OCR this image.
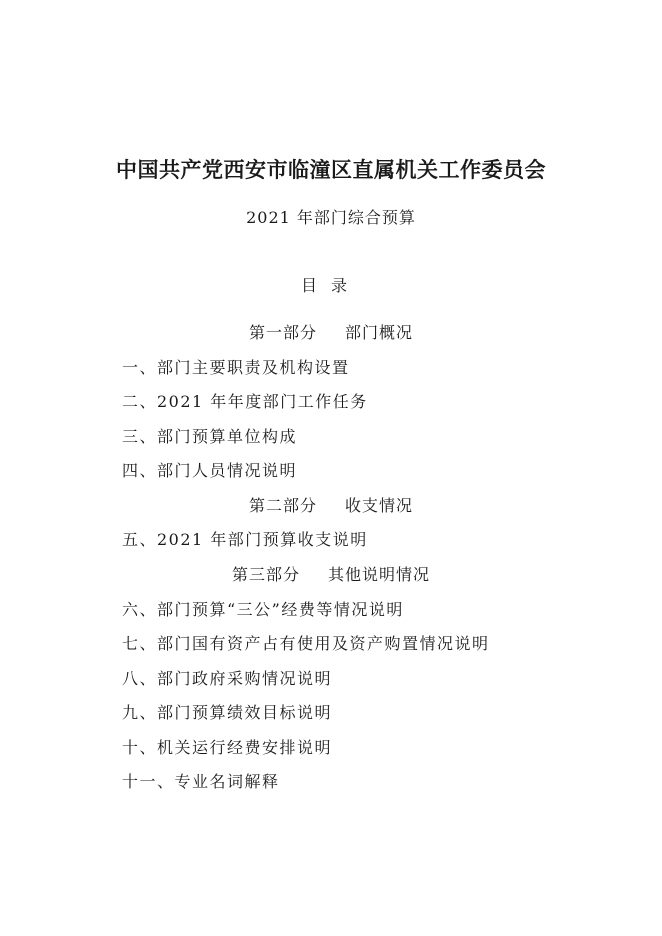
中国共产党西安市临潼区直属机关工作委员会
2021 年部门综合预算
目录
第一部分 部门概况
一、部门主要职责及机构设置
二、2021 年年度部门工作任务
三、部门预算单位构成
四、部门人员情况说明
第二部分 收支情况
五、2021 年部门预算收支说明
第三部分 其他说明情况
六、部门预算“三公”经费等情况说明
七、部门国有资产占有使用及资产购置情况说明
八、部门政府采购情况说明
九、部门预算绩效目标说明
十、机关运行经费安排说明
十一、专业名词解释
